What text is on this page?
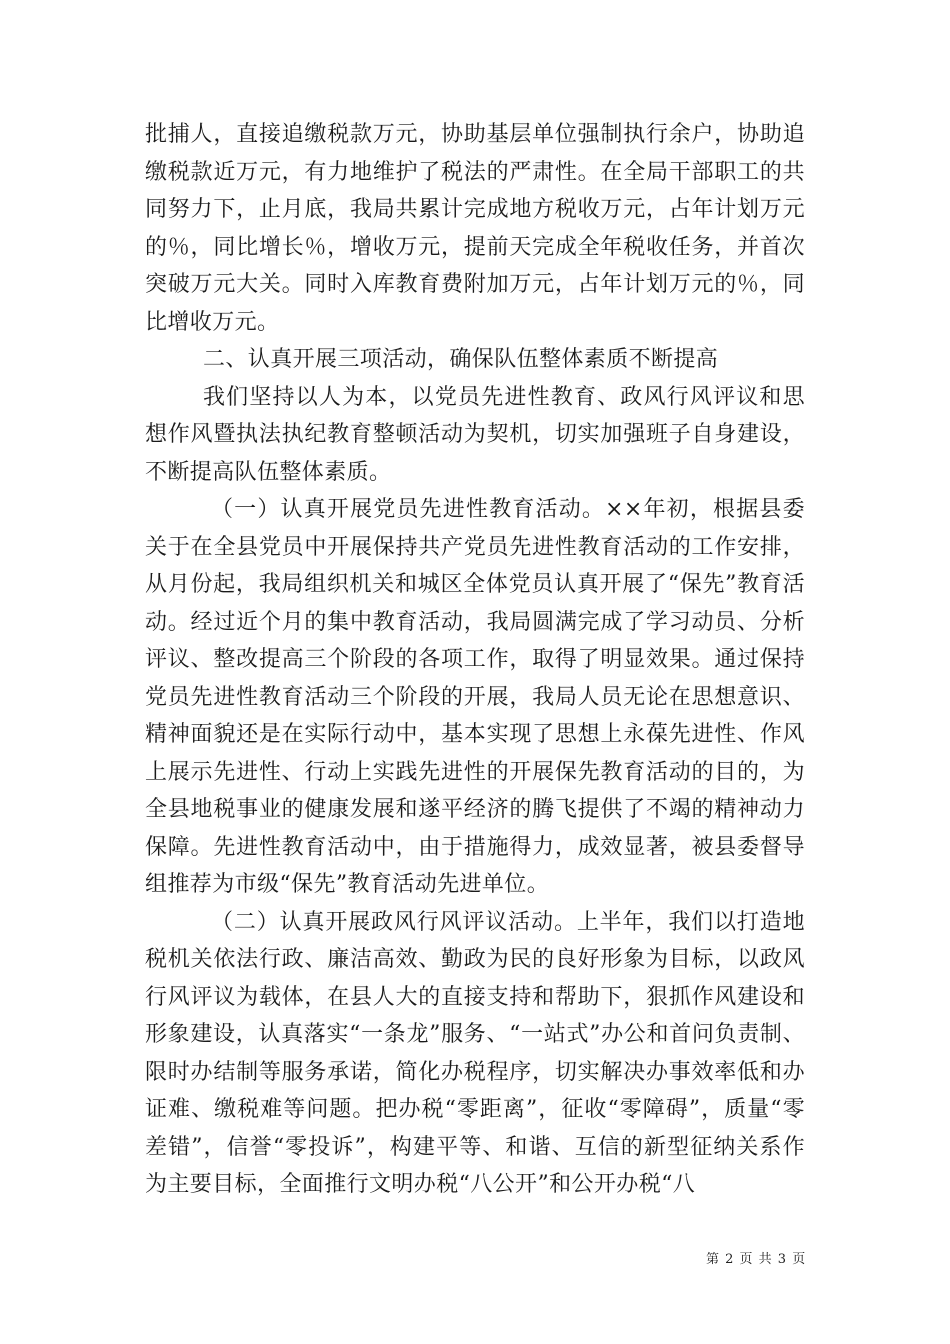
批捕人，直接追缴税款万元，协助基层单位强制执行余户，协助追缴税款近万元，有力地维护了税法的严肃性。在全局干部职工的共同努力下，止月底，我局共累计完成地方税收万元，占年计划万元的％，同比增长％，增收万元，提前天完成全年税收任务，并首次突破万元大关。同时入库教育费附加万元，占年计划万元的％，同比增收万元。

二、认真开展三项活动，确保队伍整体素质不断提高

我们坚持以人为本，以党员先进性教育、政风行风评议和思想作风暨执法执纪教育整顿活动为契机，切实加强班子自身建设，不断提高队伍整体素质。

（一）认真开展党员先进性教育活动。××年初，根据县委关于在全县党员中开展保持共产党员先进性教育活动的工作安排，从月份起，我局组织机关和城区全体党员认真开展了“保先”教育活动。经过近个月的集中教育活动，我局圆满完成了学习动员、分析评议、整改提高三个阶段的各项工作，取得了明显效果。通过保持党员先进性教育活动三个阶段的开展，我局人员无论在思想意识、精神面貌还是在实际行动中，基本实现了思想上永葆先进性、作风上展示先进性、行动上实践先进性的开展保先教育活动的目的，为全县地税事业的健康发展和遂平经济的腾飞提供了不竭的精神动力保障。先进性教育活动中，由于措施得力，成效显著，被县委督导组推荐为市级“保先”教育活动先进单位。

（二）认真开展政风行风评议活动。上半年，我们以打造地税机关依法行政、廉洁高效、勤政为民的良好形象为目标，以政风行风评议为载体，在县人大的直接支持和帮助下，狠抓作风建设和形象建设，认真落实“一条龙”服务、“一站式”办公和首问负责制、限时办结制等服务承诺，简化办税程序，切实解决办事效率低和办证难、缴税难等问题。把办税“零距离”，征收“零障碍”，质量“零差错”，信誉“零投诉”，构建平等、和谐、互信的新型征纳关系作为主要目标，全面推行文明办税“八公开”和公开办税“八

第 2 页 共 3 页
